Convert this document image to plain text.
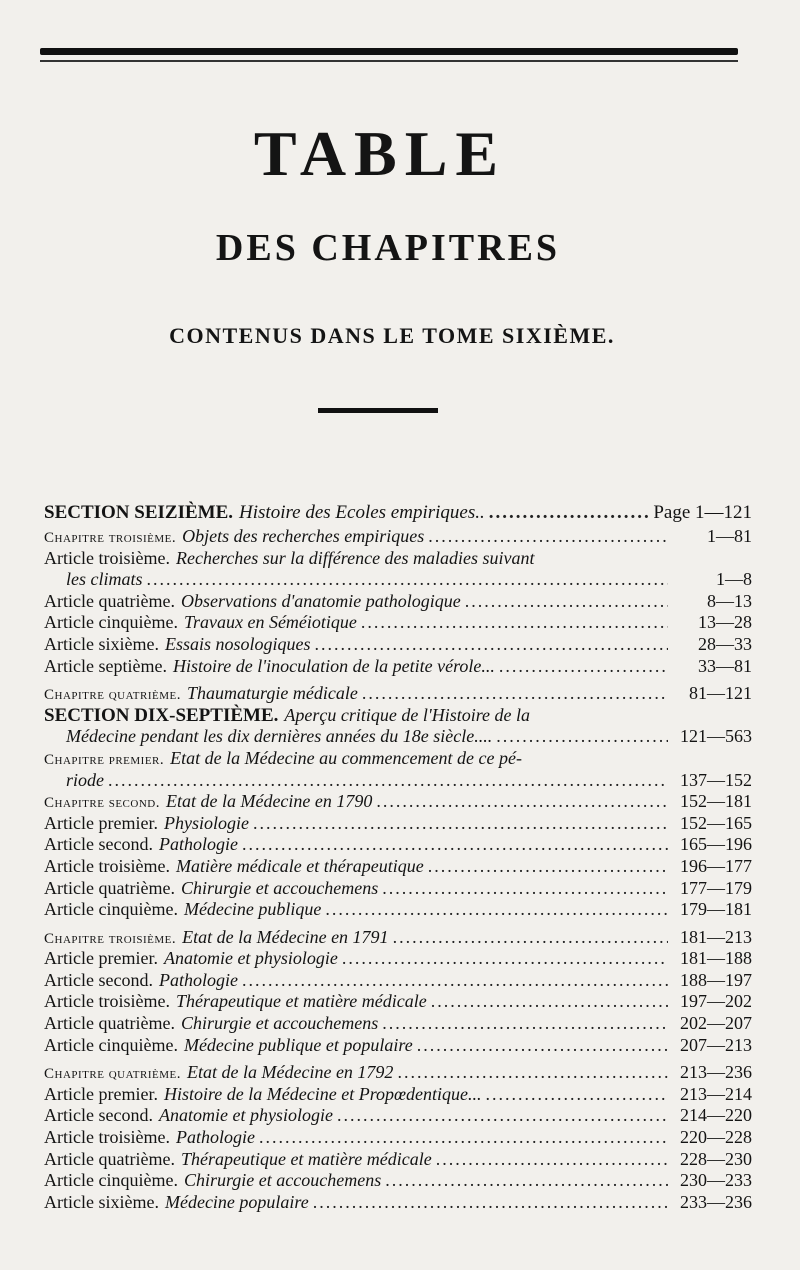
TABLE
DES CHAPITRES
CONTENUS DANS LE TOME SIXIÈME.
SECTION SEIZIÈME. Histoire des Ecoles empiriques.. .....	Page 1—121
Chapitre troisième. Objets des recherches empiriques .....	1—81
Article troisième. Recherches sur la différence des maladies suivant
les climats .....	1—8
Article quatrième. Observations d'anatomie pathologique .....	8—13
Article cinquième. Travaux en Séméiotique .....	13—28
Article sixième. Essais nosologiques .....	28—33
Article septième. Histoire de l'inoculation de la petite vérole... .....	33—81
Chapitre quatrième. Thaumaturgie médicale .....	81—121
SECTION DIX-SEPTIÈME. Aperçu critique de l'Histoire de la
Médecine pendant les dix dernières années du 18e siècle.... .....	121—563
Chapitre premier. Etat de la Médecine au commencement de ce pé-
riode .....	137—152
Chapitre second. Etat de la Médecine en 1790 .....	152—181
Article premier. Physiologie .....	152—165
Article second. Pathologie .....	165—196
Article troisième. Matière médicale et thérapeutique .....	196—177
Article quatrième. Chirurgie et accouchemens .....	177—179
Article cinquième. Médecine publique .....	179—181
Chapitre troisième. Etat de la Médecine en 1791 .....	181—213
Article premier. Anatomie et physiologie .....	181—188
Article second. Pathologie .....	188—197
Article troisième. Thérapeutique et matière médicale .....	197—202
Article quatrième. Chirurgie et accouchemens .....	202—207
Article cinquième. Médecine publique et populaire .....	207—213
Chapitre quatrième. Etat de la Médecine en 1792 .....	213—236
Article premier. Histoire de la Médecine et Propœdentique... .....	213—214
Article second. Anatomie et physiologie .....	214—220
Article troisième. Pathologie .....	220—228
Article quatrième. Thérapeutique et matière médicale .....	228—230
Article cinquième. Chirurgie et accouchemens .....	230—233
Article sixième. Médecine populaire .....	233—236
